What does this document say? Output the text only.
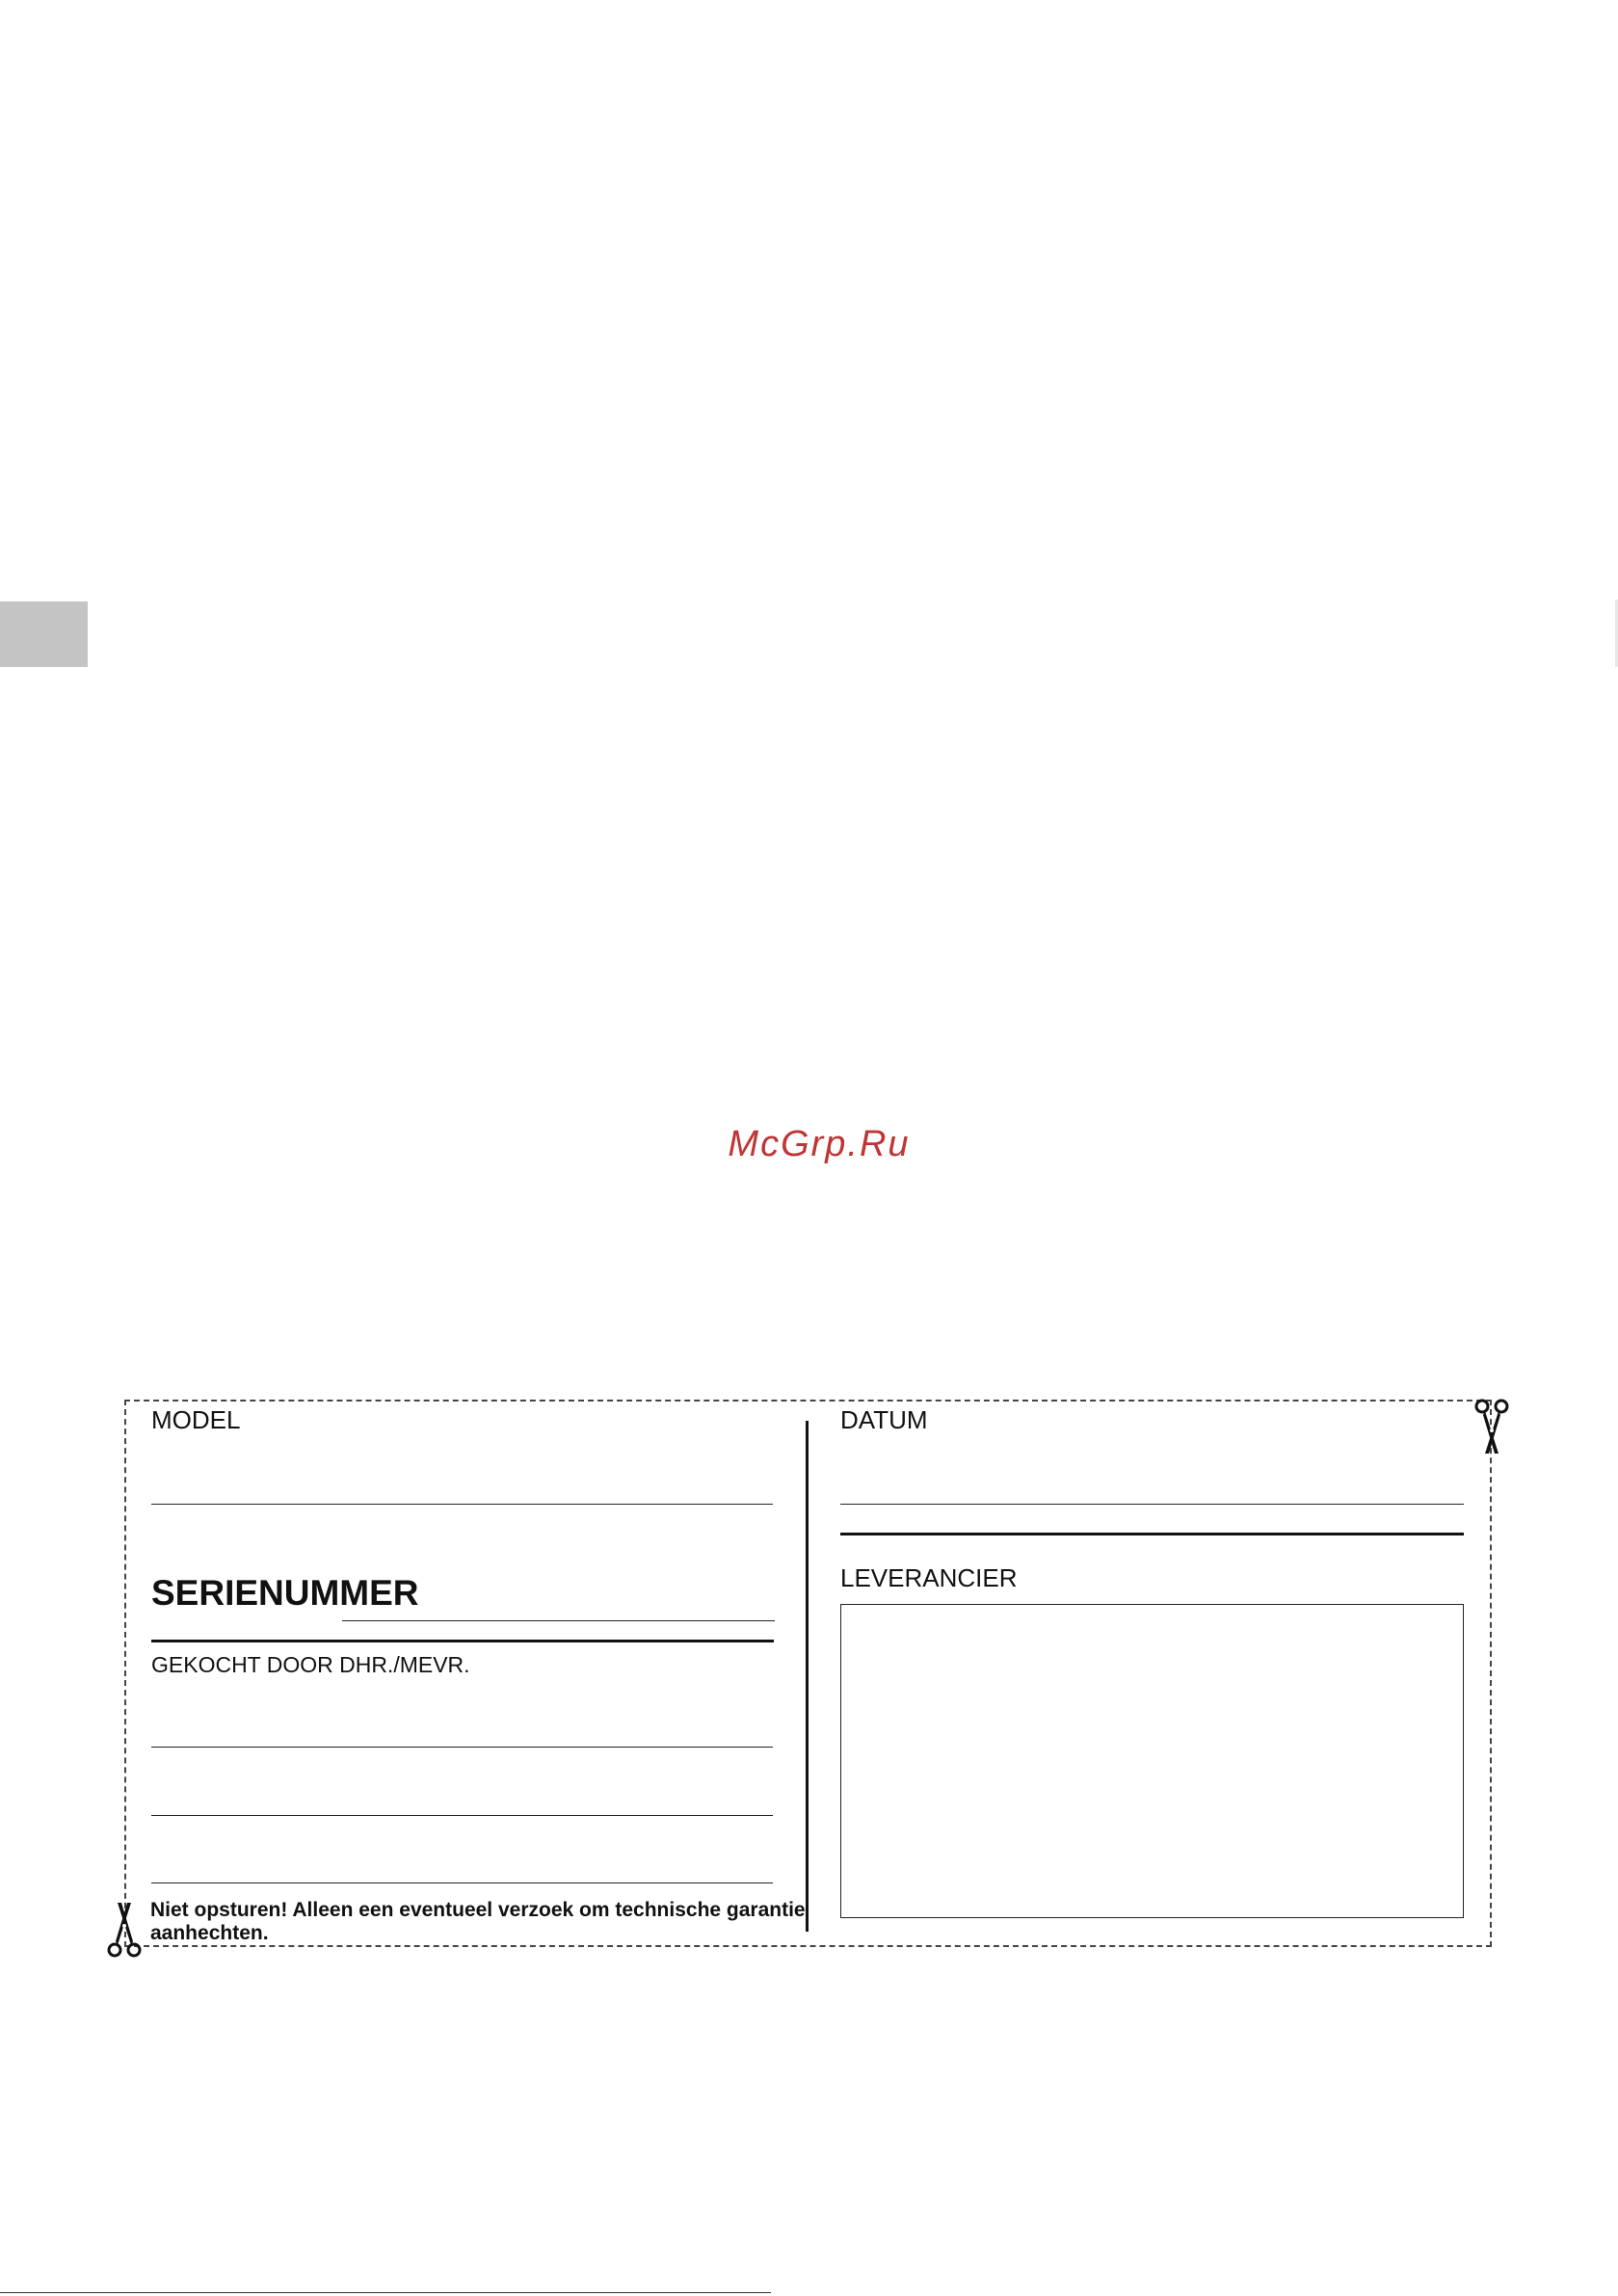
McGrp.Ru
MODEL
SERIENUMMER
GEKOCHT DOOR DHR./MEVR.
Niet opsturen! Alleen een eventueel verzoek om technische garantie aanhechten.
DATUM
LEVERANCIER
